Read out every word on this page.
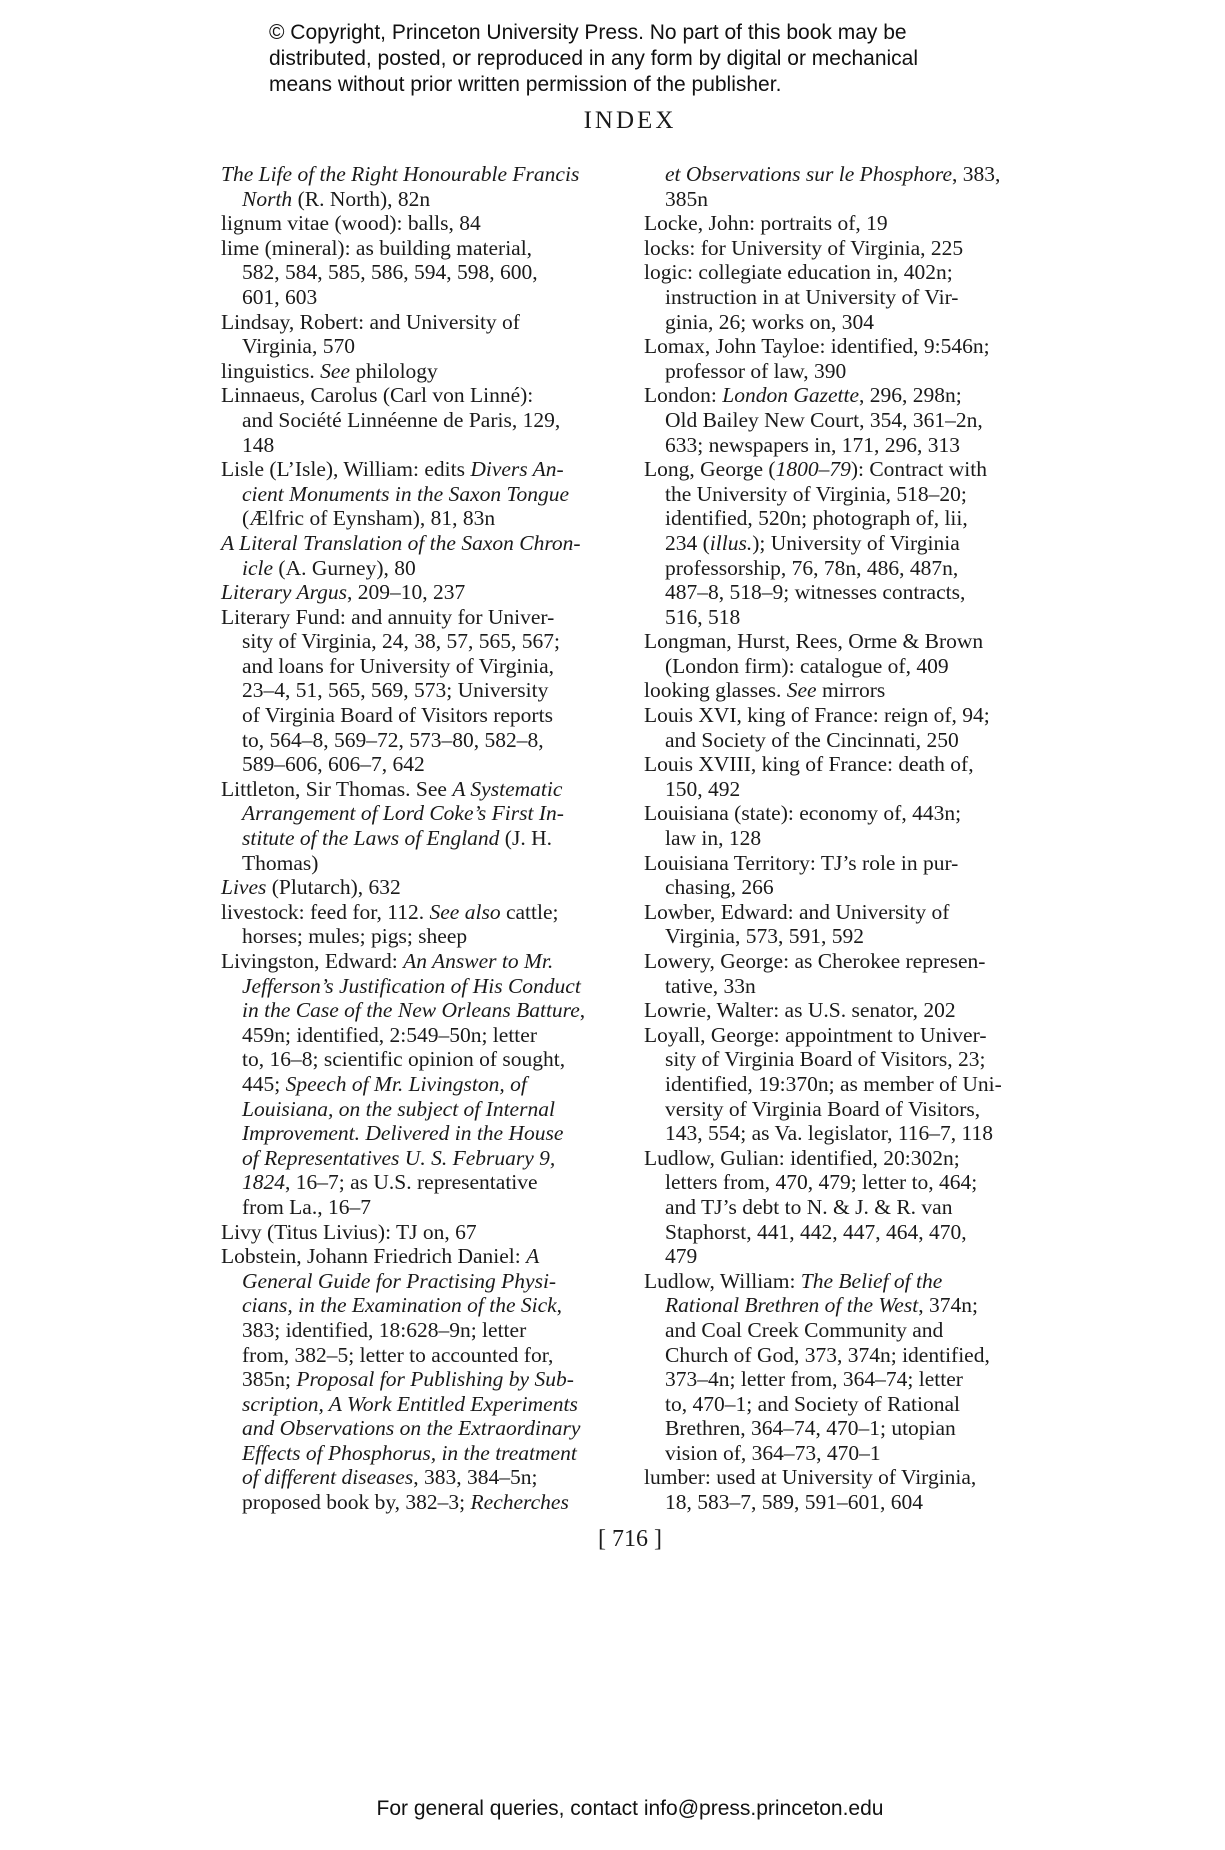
© Copyright, Princeton University Press. No part of this book may be
distributed, posted, or reproduced in any form by digital or mechanical
means without prior written permission of the publisher.
INDEX
The Life of the Right Honourable Francis
North (R. North), 82n
lignum vitae (wood): balls, 84
lime (mineral): as building material,
582, 584, 585, 586, 594, 598, 600,
601, 603
Lindsay, Robert: and University of
Virginia, 570
linguistics. See philology
Linnaeus, Carolus (Carl von Linné):
and Société Linnéenne de Paris, 129,
148
Lisle (L’Isle), William: edits Divers An-
cient Monuments in the Saxon Tongue
(Ælfric of Eynsham), 81, 83n
A Literal Translation of the Saxon Chron-
icle (A. Gurney), 80
Literary Argus, 209–10, 237
Literary Fund: and annuity for Univer-
sity of Virginia, 24, 38, 57, 565, 567;
and loans for University of Virginia,
23–4, 51, 565, 569, 573; University
of Virginia Board of Visitors reports
to, 564–8, 569–72, 573–80, 582–8,
589–606, 606–7, 642
Littleton, Sir Thomas. See A Systematic
Arrangement of Lord Coke’s First In-
stitute of the Laws of England (J. H.
Thomas)
Lives (Plutarch), 632
livestock: feed for, 112. See also cattle;
horses; mules; pigs; sheep
Livingston, Edward: An Answer to Mr.
Jefferson’s Justification of His Conduct
in the Case of the New Orleans Batture,
459n; identified, 2:549–50n; letter
to, 16–8; scientific opinion of sought,
445; Speech of Mr. Livingston, of
Louisiana, on the subject of Internal
Improvement. Delivered in the House
of Representatives U. S. February 9,
1824, 16–7; as U.S. representative
from La., 16–7
Livy (Titus Livius): TJ on, 67
Lobstein, Johann Friedrich Daniel: A
General Guide for Practising Physi-
cians, in the Examination of the Sick,
383; identified, 18:628–9n; letter
from, 382–5; letter to accounted for,
385n; Proposal for Publishing by Sub-
scription, A Work Entitled Experiments
and Observations on the Extraordinary
Effects of Phosphorus, in the treatment
of different diseases, 383, 384–5n;
proposed book by, 382–3; Recherches
et Observations sur le Phosphore, 383,
385n
Locke, John: portraits of, 19
locks: for University of Virginia, 225
logic: collegiate education in, 402n;
instruction in at University of Vir-
ginia, 26; works on, 304
Lomax, John Tayloe: identified, 9:546n;
professor of law, 390
London: London Gazette, 296, 298n;
Old Bailey New Court, 354, 361–2n,
633; newspapers in, 171, 296, 313
Long, George (1800–79): Contract with
the University of Virginia, 518–20;
identified, 520n; photograph of, lii,
234 (illus.); University of Virginia
professorship, 76, 78n, 486, 487n,
487–8, 518–9; witnesses contracts,
516, 518
Longman, Hurst, Rees, Orme & Brown
(London firm): catalogue of, 409
looking glasses. See mirrors
Louis XVI, king of France: reign of, 94;
and Society of the Cincinnati, 250
Louis XVIII, king of France: death of,
150, 492
Louisiana (state): economy of, 443n;
law in, 128
Louisiana Territory: TJ’s role in pur-
chasing, 266
Lowber, Edward: and University of
Virginia, 573, 591, 592
Lowery, George: as Cherokee represen-
tative, 33n
Lowrie, Walter: as U.S. senator, 202
Loyall, George: appointment to Univer-
sity of Virginia Board of Visitors, 23;
identified, 19:370n; as member of Uni-
versity of Virginia Board of Visitors,
143, 554; as Va. legislator, 116–7, 118
Ludlow, Gulian: identified, 20:302n;
letters from, 470, 479; letter to, 464;
and TJ’s debt to N. & J. & R. van
Staphorst, 441, 442, 447, 464, 470,
479
Ludlow, William: The Belief of the
Rational Brethren of the West, 374n;
and Coal Creek Community and
Church of God, 373, 374n; identified,
373–4n; letter from, 364–74; letter
to, 470–1; and Society of Rational
Brethren, 364–74, 470–1; utopian
vision of, 364–73, 470–1
lumber: used at University of Virginia,
18, 583–7, 589, 591–601, 604
[ 716 ]
For general queries, contact info@press.princeton.edu
